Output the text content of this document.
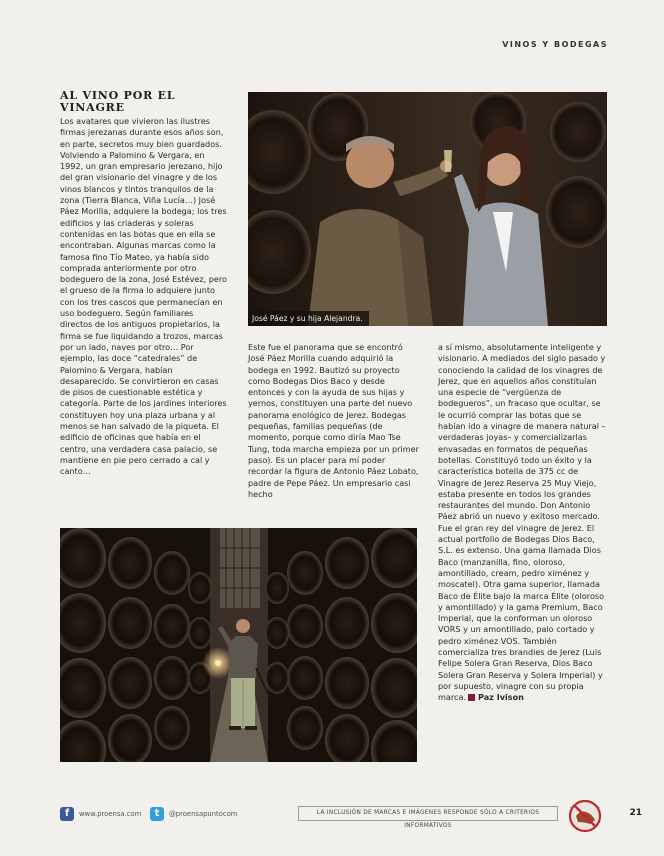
VINOS Y BODEGAS
AL VINO POR EL VINAGRE

Los avatares que vivieron las ilustres firmas jerezanas durante esos años son, en parte, secretos muy bien guardados. Volviendo a Palomino & Vergara, en 1992, un gran empresario jerezano, hijo del gran visionario del vinagre y de los vinos blancos y tintos tranquilos de la zona (Tierra Blanca, Viña Lucía…) José Páez Morilla, adquiere la bodega; los tres edificios y las criaderas y soleras contenidas en las botas que en ella se encontraban. Algunas marcas como la famosa fino Tío Mateo, ya había sido comprada anteriormente por otro bodeguero de la zona, José Estévez, pero el grueso de la firma lo adquiere junto con los tres cascos que permanecían en uso bodeguero. Según familiares directos de los antiguos propietarios, la firma se fue liquidando a trozos, marcas por un lado, naves por otro… Por ejemplo, las doce “catedrales” de Palomino & Vergara, habían desaparecido. Se convirtieron en casas de pisos de cuestionable estética y categoría. Parte de los jardines interiores constituyen hoy una plaza urbana y al menos se han salvado de la piqueta. El edificio de oficinas que había en el centro, una verdadera casa palacio, se mantiene en pie pero cerrado a cal y canto…

José Páez y su hija Alejandra.

Este fue el panorama que se encontró José Páez Morilla cuando adquirió la bodega en 1992. Bautizó su proyecto como Bodegas Dios Baco y desde entonces y con la ayuda de sus hijas y yernos, constituyen una parte del nuevo panorama enológico de Jerez. Bodegas pequeñas, familias pequeñas (de momento, porque como diría Mao Tse Tung, toda marcha empieza por un primer paso). Es un placer para mí poder recordar la figura de Antonio Páez Lobato, padre de Pepe Páez. Un empresario casi hecho

a sí mismo, absolutamente inteligente y visionario. A mediados del siglo pasado y conociendo la calidad de los vinagres de Jerez, que en aquellos años constituían una especie de “vergüenza de bodegueros”, un fracaso que ocultar, se le ocurrió comprar las botas que se habían ido a vinagre de manera natural –verdaderas joyas– y comercializarlas envasadas en formatos de pequeñas botellas. Constituyó todo un éxito y la característica botella de 375 cc de Vinagre de Jerez Reserva 25 Muy Viejo, estaba presente en todos los grandes restaurantes del mundo. Don Antonio Páez abrió un nuevo y exitoso mercado. Fue el gran rey del vinagre de Jerez. El actual portfolio de Bodegas Dios Baco, S.L. es extenso. Una gama llamada Dios Baco (manzanilla, fino, oloroso, amontillado, cream, pedro ximénez y moscatel). Otra gama superior, llamada Baco de Élite bajo la marca Élite (oloroso y amontillado) y la gama Premium, Baco Imperial, que la conforman un oloroso VORS y un amontillado, palo cortado y pedro ximénez VOS. También comercializa tres brandies de Jerez (Luis Felipe Solera Gran Reserva, Dios Baco Solera Gran Reserva y Solera Imperial) y por supuesto, vinagre con su propia marca. Paz Ivison

f	www.proensa.com	t	@proensapuntocom	LA INCLUSIÓN DE MARCAS E IMÁGENES RESPONDE SÓLO A CRITERIOS INFORMATIVOS
21
